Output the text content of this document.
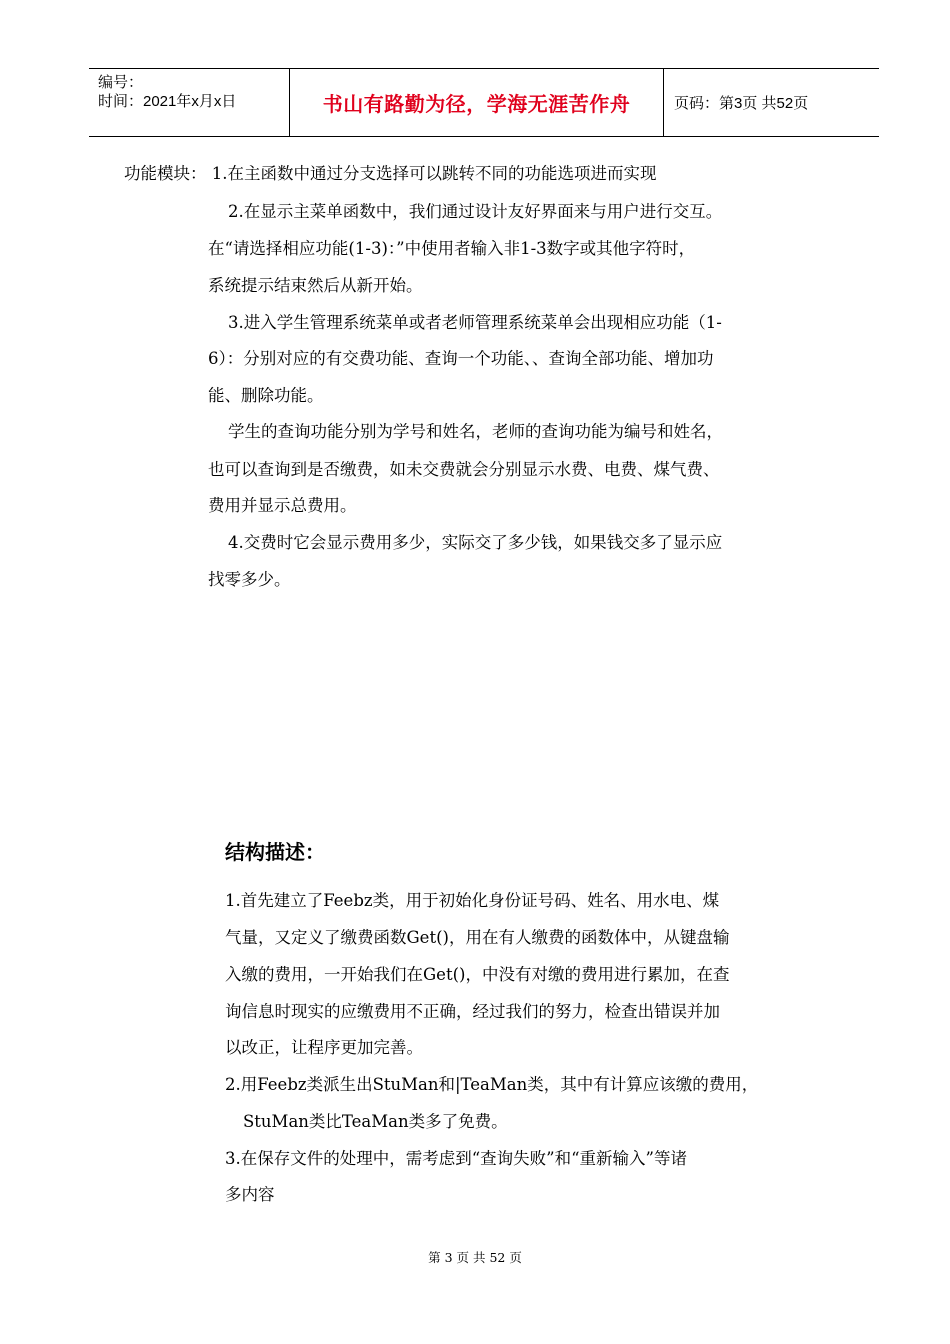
编号：
时间：2021年x月x日	书山有路勤为径，学海无涯苦作舟	页码：第3页 共52页
功能模块： 1.在主函数中通过分支选择可以跳转不同的功能选项进而实现
2.在显示主菜单函数中，我们通过设计友好界面来与用户进行交互。
在“请选择相应功能(1-3)：”中使用者输入非1-3数字或其他字符时，
系统提示结束然后从新开始。
3.进入学生管理系统菜单或者老师管理系统菜单会出现相应功能（1-
6）：分别对应的有交费功能、查询一个功能、、查询全部功能、增加功
能、删除功能。
学生的查询功能分别为学号和姓名，老师的查询功能为编号和姓名，
也可以查询到是否缴费，如未交费就会分别显示水费、电费、煤气费、
费用并显示总费用。
4.交费时它会显示费用多少，实际交了多少钱，如果钱交多了显示应
找零多少。
结构描述：
1.首先建立了Feebz类，用于初始化身份证号码、姓名、用水电、煤
气量，又定义了缴费函数Get()，用在有人缴费的函数体中，从键盘输
入缴的费用，一开始我们在Get()，中没有对缴的费用进行累加，在查
询信息时现实的应缴费用不正确，经过我们的努力，检查出错误并加
以改正，让程序更加完善。
2.用Feebz类派生出StuMan和|TeaMan类，其中有计算应该缴的费用，
StuMan类比TeaMan类多了免费。
3.在保存文件的处理中，需考虑到“查询失败”和“重新输入”等诸
多内容
第 3 页 共 52 页
